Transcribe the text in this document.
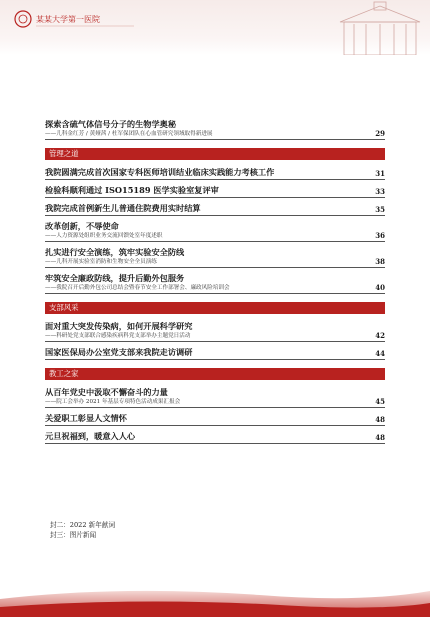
某某大学第一医院
探索含硫气体信号分子的生物学奥秘
——儿科金红芳 / 黄娅茜 / 杜军保团队在心血管研究领域取得新进展	29
管理之道
我院圆满完成首次国家专科医师培训结业临床实践能力考核工作	31
检验科顺利通过 ISO15189 医学实验室复评审	33
我院完成首例新生儿普通住院费用实时结算	35
改革创新，不辱使命
——人力资源处组织业务交流回馈处室年度述职	36
扎实进行安全演练，筑牢实验安全防线
——儿科开展实验室消防和生物安全全员演练	38
牢筑安全廉政防线，提升后勤外包服务
——我院召开后勤外包公司总结会暨春节安全工作部署会、廉政风险培训会	40
支部风采
面对重大突发传染病，如何开展科学研究
——科研处党支部联合感染疾病科党支部举办主题党日活动	42
国家医保局办公室党支部来我院走访调研	44
教工之家
从百年党史中汲取不懈奋斗的力量
——院工会举办 2021 年基层专项特色活动成果汇报会	45
关爱职工彰显人文情怀	48
元旦祝福到，暖意入人心	48
封二：2022 新年献词
封三：图片新闻
